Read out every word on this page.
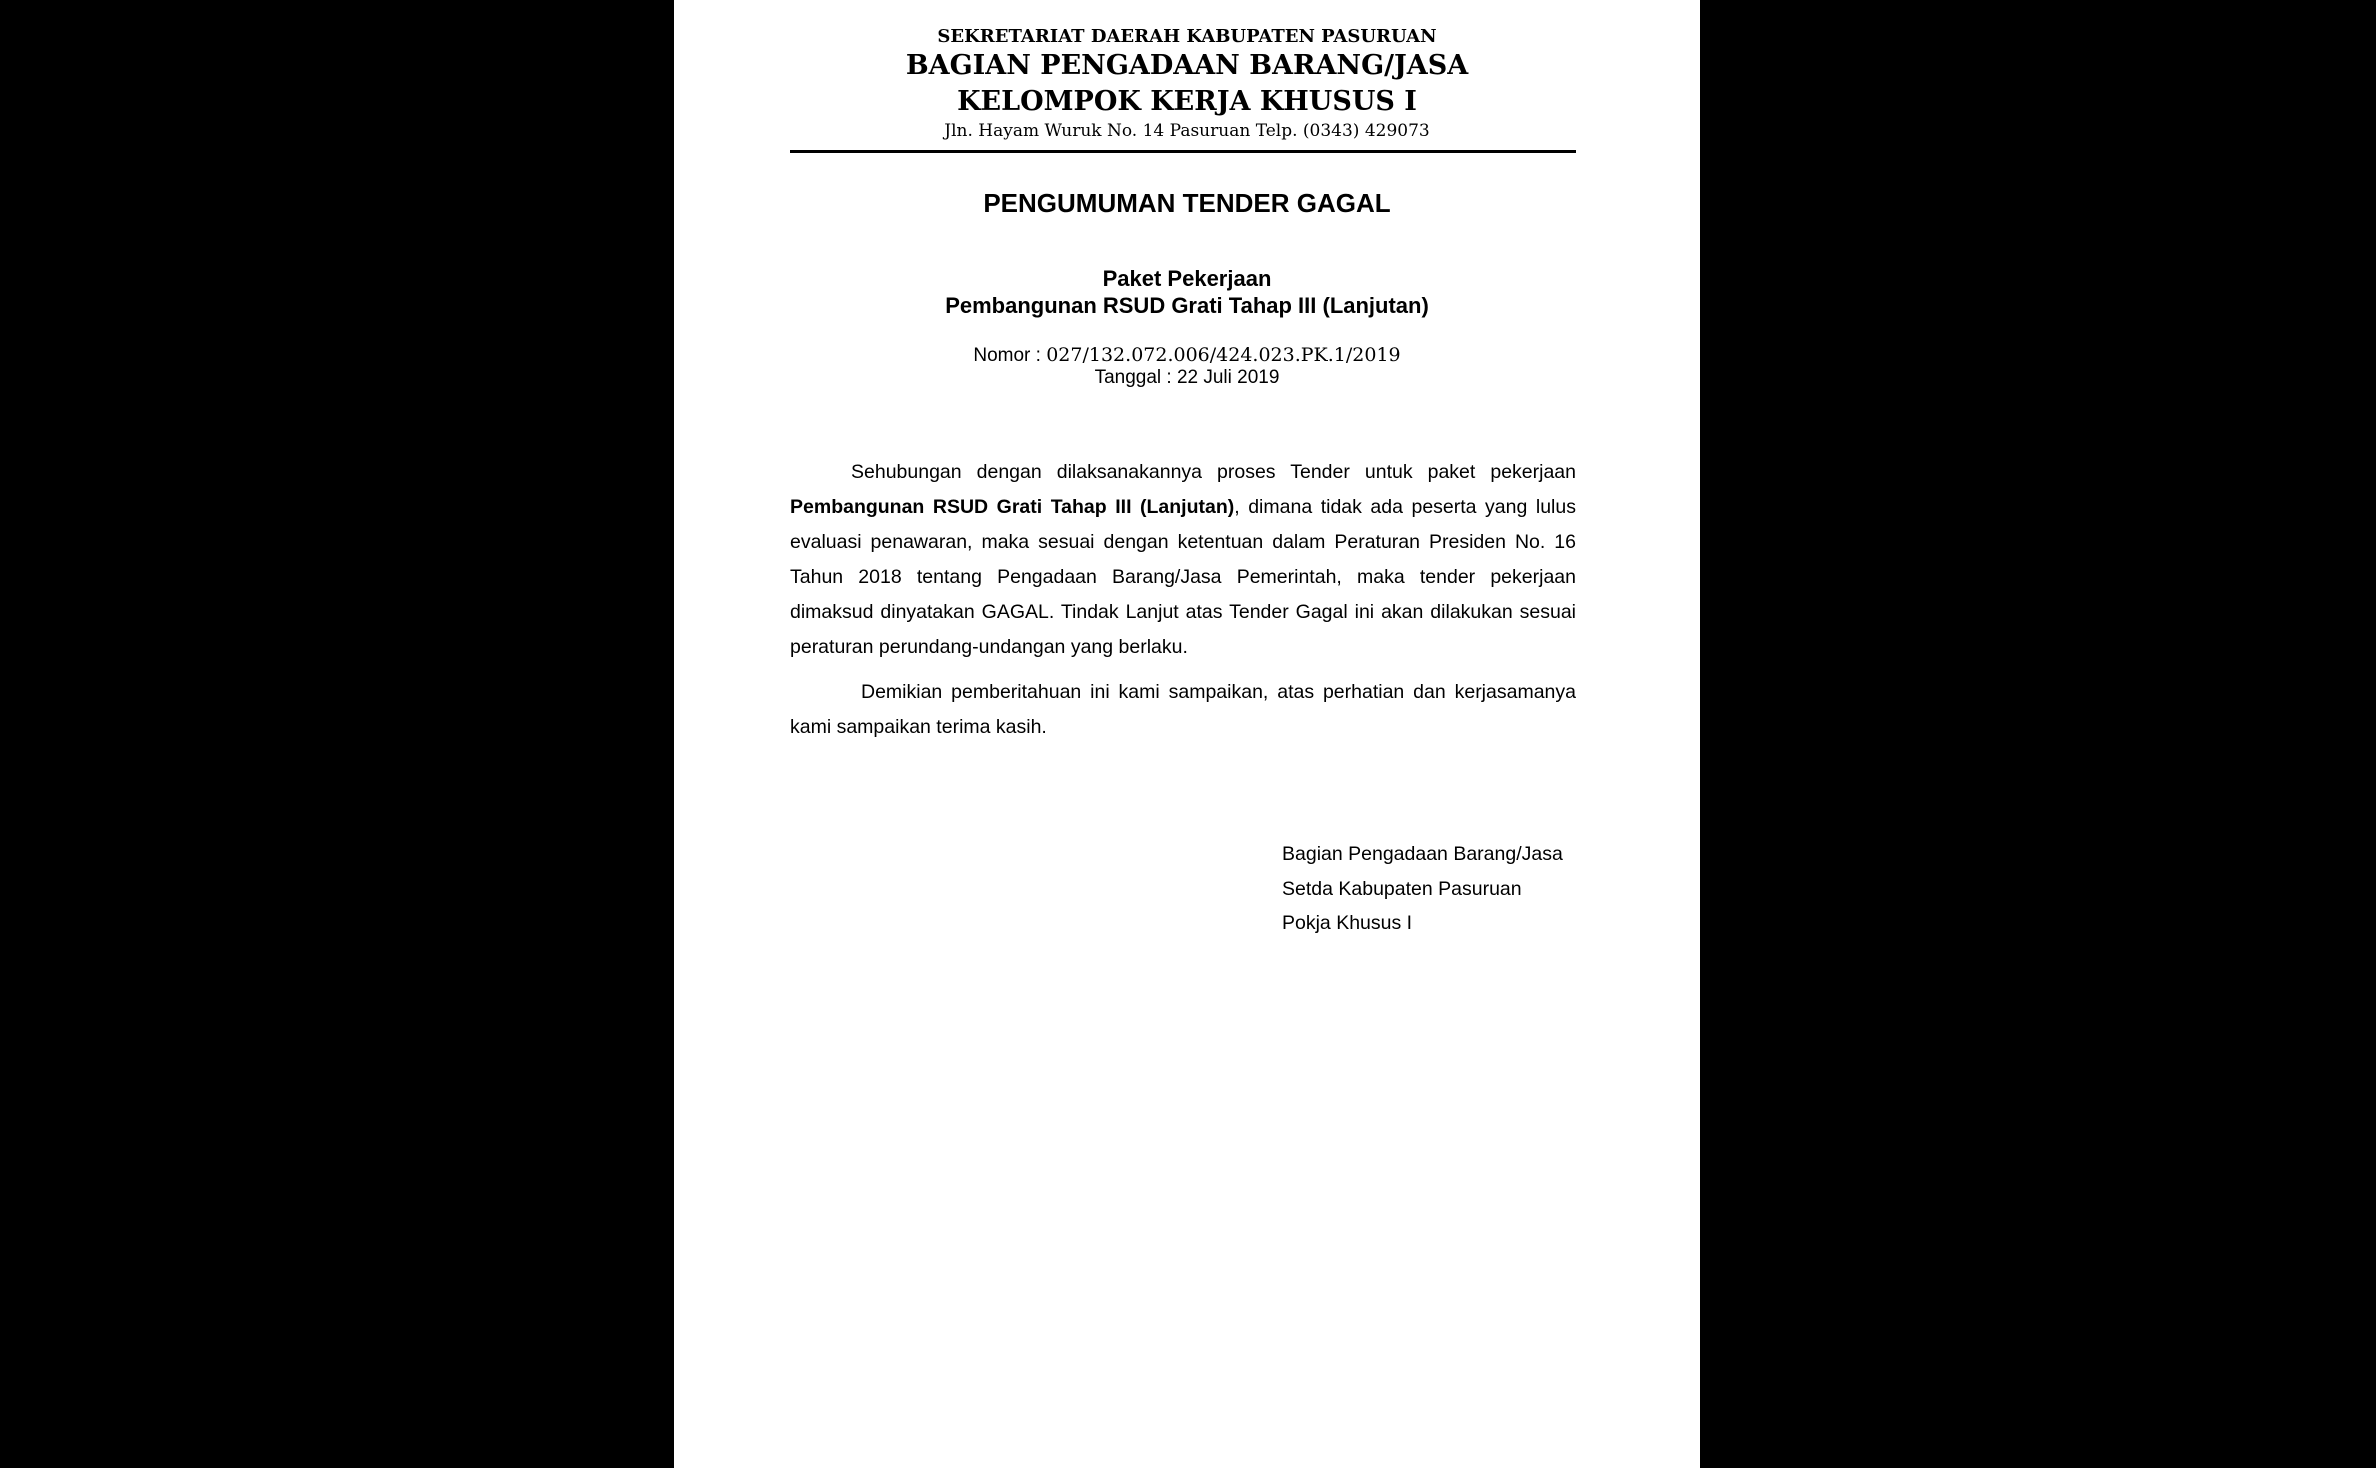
SEKRETARIAT DAERAH KABUPATEN PASURUAN
BAGIAN PENGADAAN BARANG/JASA
KELOMPOK KERJA KHUSUS I
Jln. Hayam Wuruk No. 14 Pasuruan Telp. (0343) 429073
PENGUMUMAN TENDER GAGAL
Paket Pekerjaan
Pembangunan RSUD Grati Tahap III (Lanjutan)
Nomor : 027/132.072.006/424.023.PK.1/2019
Tanggal : 22 Juli 2019
Sehubungan dengan dilaksanakannya proses Tender untuk paket pekerjaan Pembangunan RSUD Grati Tahap III (Lanjutan), dimana tidak ada peserta yang lulus evaluasi penawaran, maka sesuai dengan ketentuan dalam Peraturan Presiden No. 16 Tahun 2018 tentang Pengadaan Barang/Jasa Pemerintah, maka tender pekerjaan dimaksud dinyatakan GAGAL. Tindak Lanjut atas Tender Gagal ini akan dilakukan sesuai peraturan perundang-undangan yang berlaku.
Demikian pemberitahuan ini kami sampaikan, atas perhatian dan kerjasamanya kami sampaikan terima kasih.
Bagian Pengadaan Barang/Jasa
Setda Kabupaten Pasuruan
Pokja Khusus I
